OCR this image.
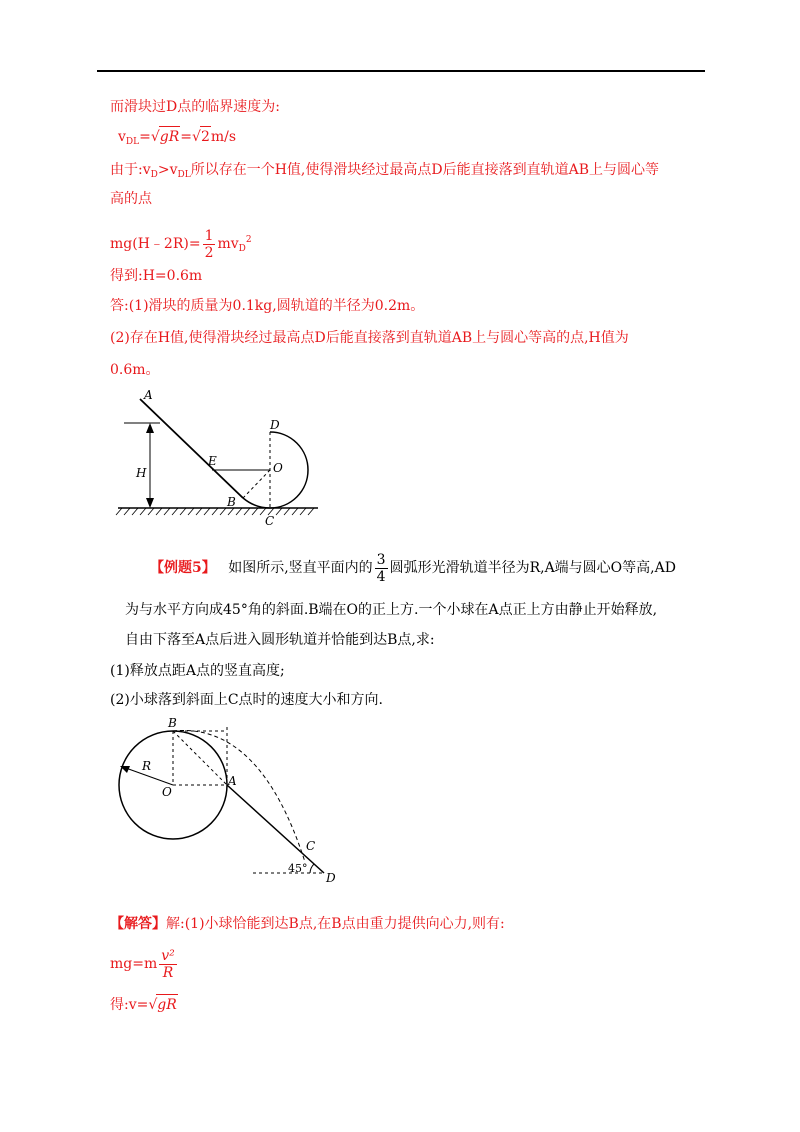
而滑块过D点的临界速度为:
$v_{DL}=√gR=√2m/s$
由于$:v_D>v_{DL}$所以存在一个H值,使得滑块经过最高点D后能直接落到直轨道AB上与圆心等
高的点
mg(H﹣2R)= $\frac{1}{2} mv_D^2$
得到:H=0.6m
答:(1)滑块的质量为0.1kg,圆轨道的半径为0.2m。
(2)存在H值,使得滑块经过最高点D后能直接落到直轨道AB上与圆心等高的点,H值为
0.6m。
A
D
E	O
H
B
C
【例题5】 如图所示,竖直平面内的 $\frac{3}{4}$ 圆弧形光滑轨道半径为R,A端与圆心O等高,AD
为与水平方向成45°角的斜面.B端在O的正上方.一个小球在A点正上方由静止开始释放,
自由下落至A点后进入圆形轨道并恰能到达B点,求:
(1)释放点距A点的竖直高度;
(2)小球落到斜面上C点时的速度大小和方向.
B
R
O
A
C
45°
D
【解答】解:(1)小球恰能到达B点,在B点由重力提供向心力,则有:
$mg=m \frac{\text{v²}}{R}$
得:v=√gR
